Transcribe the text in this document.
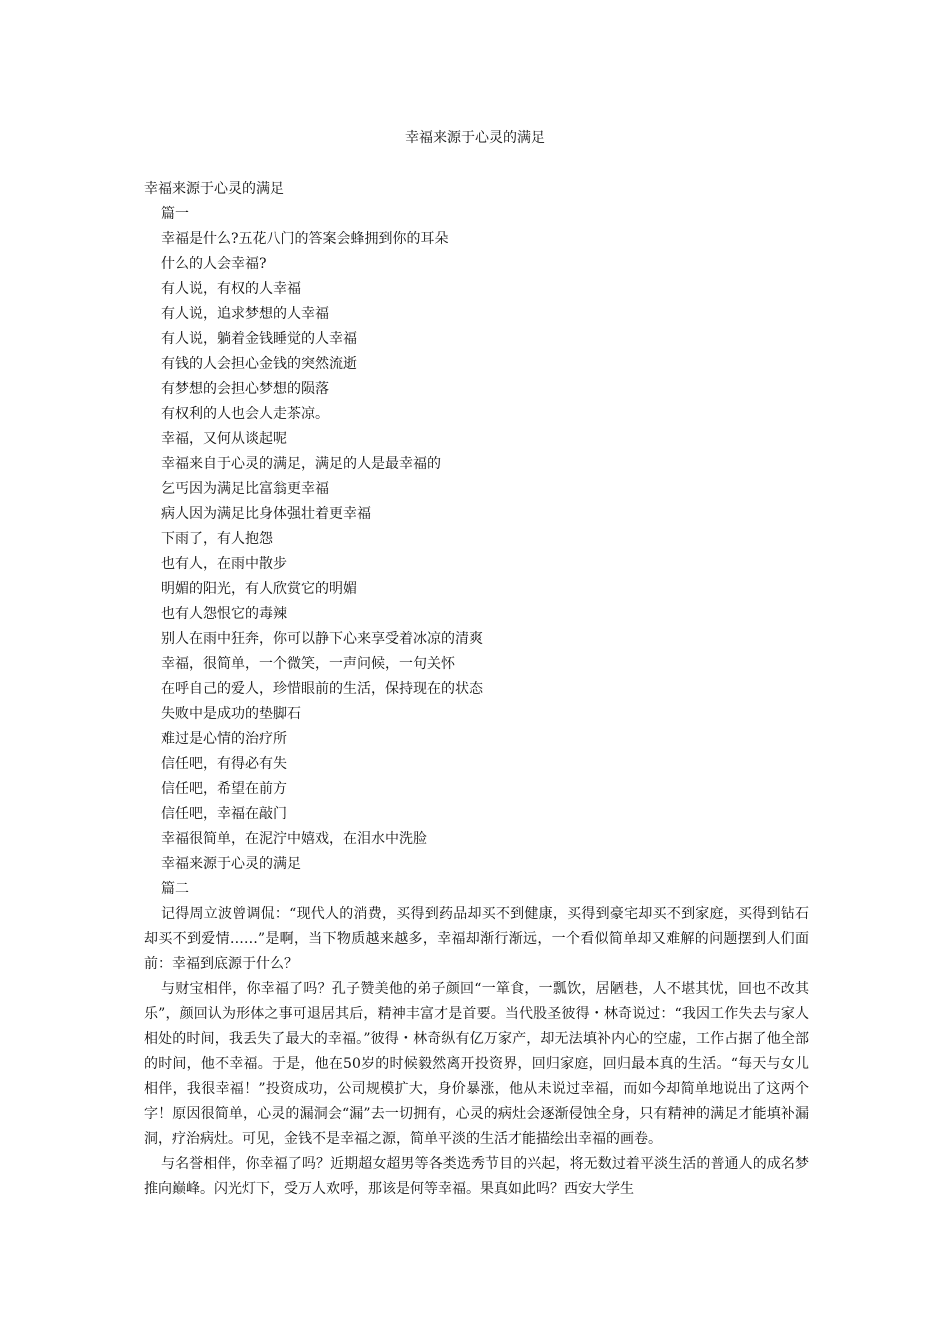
幸福来源于心灵的满足

幸福来源于心灵的满足

篇一

幸福是什么?五花八门的答案会蜂拥到你的耳朵

什么的人会幸福?

有人说，有权的人幸福

有人说，追求梦想的人幸福

有人说，躺着金钱睡觉的人幸福

有钱的人会担心金钱的突然流逝

有梦想的会担心梦想的陨落

有权利的人也会人走茶凉。

幸福，又何从谈起呢

幸福来自于心灵的满足，满足的人是最幸福的

乞丐因为满足比富翁更幸福

病人因为满足比身体强壮着更幸福

下雨了，有人抱怨

也有人，在雨中散步

明媚的阳光，有人欣赏它的明媚

也有人怨恨它的毒辣

别人在雨中狂奔，你可以静下心来享受着冰凉的清爽

幸福，很简单，一个微笑，一声问候，一句关怀

在呼自己的爱人，珍惜眼前的生活，保持现在的状态

失败中是成功的垫脚石

难过是心情的治疗所

信任吧，有得必有失

信任吧，希望在前方

信任吧，幸福在敲门

幸福很简单，在泥泞中嬉戏，在泪水中洗脸

幸福来源于心灵的满足

篇二

记得周立波曾调侃：“现代人的消费，买得到药品却买不到健康，买得到豪宅却买不到家庭，买得到钻石却买不到爱情……”是啊，当下物质越来越多，幸福却渐行渐远，一个看似简单却又难解的问题摆到人们面前：幸福到底源于什么？

与财宝相伴，你幸福了吗？孔子赞美他的弟子颜回“一箪食，一瓢饮，居陋巷，人不堪其忧，回也不改其乐”，颜回认为形体之事可退居其后，精神丰富才是首要。当代股圣彼得・林奇说过：“我因工作失去与家人相处的时间，我丢失了最大的幸福。”彼得・林奇纵有亿万家产，却无法填补内心的空虚，工作占据了他全部的时间，他不幸福。于是，他在50岁的时候毅然离开投资界，回归家庭，回归最本真的生活。“每天与女儿相伴，我很幸福！”投资成功，公司规模扩大，身价暴涨，他从未说过幸福，而如今却简单地说出了这两个字！原因很简单，心灵的漏洞会“漏”去一切拥有，心灵的病灶会逐渐侵蚀全身，只有精神的满足才能填补漏洞，疗治病灶。可见，金钱不是幸福之源，简单平淡的生活才能描绘出幸福的画卷。

与名誉相伴，你幸福了吗？近期超女超男等各类选秀节目的兴起，将无数过着平淡生活的普通人的成名梦推向巅峰。闪光灯下，受万人欢呼，那该是何等幸福。果真如此吗？西安大学生
